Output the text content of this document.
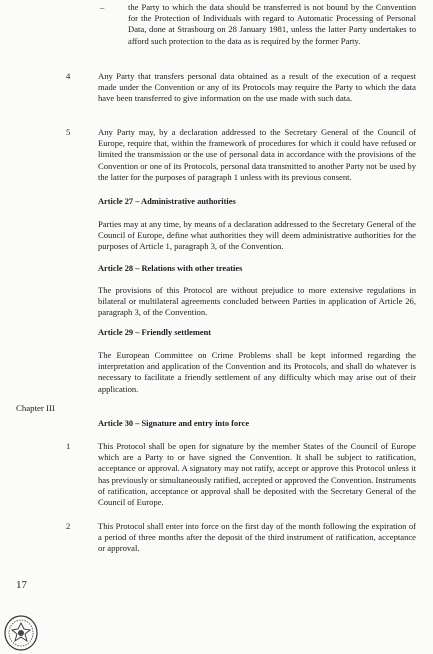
–	the Party to which the data should be transferred is not bound by the Convention for the Protection of Individuals with regard to Automatic Processing of Personal Data, done at Strasbourg on 28 January 1981, unless the latter Party undertakes to afford such protection to the data as is required by the former Party.
4	Any Party that transfers personal data obtained as a result of the execution of a request made under the Convention or any of its Protocols may require the Party to which the data have been transferred to give information on the use made with such data.
5	Any Party may, by a declaration addressed to the Secretary General of the Council of Europe, require that, within the framework of procedures for which it could have refused or limited the transmission or the use of personal data in accordance with the provisions of the Convention or one of its Protocols, personal data transmitted to another Party not be used by the latter for the purposes of paragraph 1 unless with its previous consent.
Article 27 – Administrative authorities
Parties may at any time, by means of a declaration addressed to the Secretary General of the Council of Europe, define what authorities they will deem administrative authorities for the purposes of Article 1, paragraph 3, of the Convention.
Article 28 – Relations with other treaties
The provisions of this Protocol are without prejudice to more extensive regulations in bilateral or multilateral agreements concluded between Parties in application of Article 26, paragraph 3, of the Convention.
Article 29 – Friendly settlement
The European Committee on Crime Problems shall be kept informed regarding the interpretation and application of the Convention and its Protocols, and shall do whatever is necessary to facilitate a friendly settlement of any difficulty which may arise out of their application.
Chapter III
Article 30 – Signature and entry into force
1	This Protocol shall be open for signature by the member States of the Council of Europe which are a Party to or have signed the Convention. It shall be subject to ratification, acceptance or approval. A signatory may not ratify, accept or approve this Protocol unless it has previously or simultaneously ratified, accepted or approved the Convention. Instruments of ratification, acceptance or approval shall be deposited with the Secretary General of the Council of Europe.
2	This Protocol shall enter into force on the first day of the month following the expiration of a period of three months after the deposit of the third instrument of ratification, acceptance or approval.
17
